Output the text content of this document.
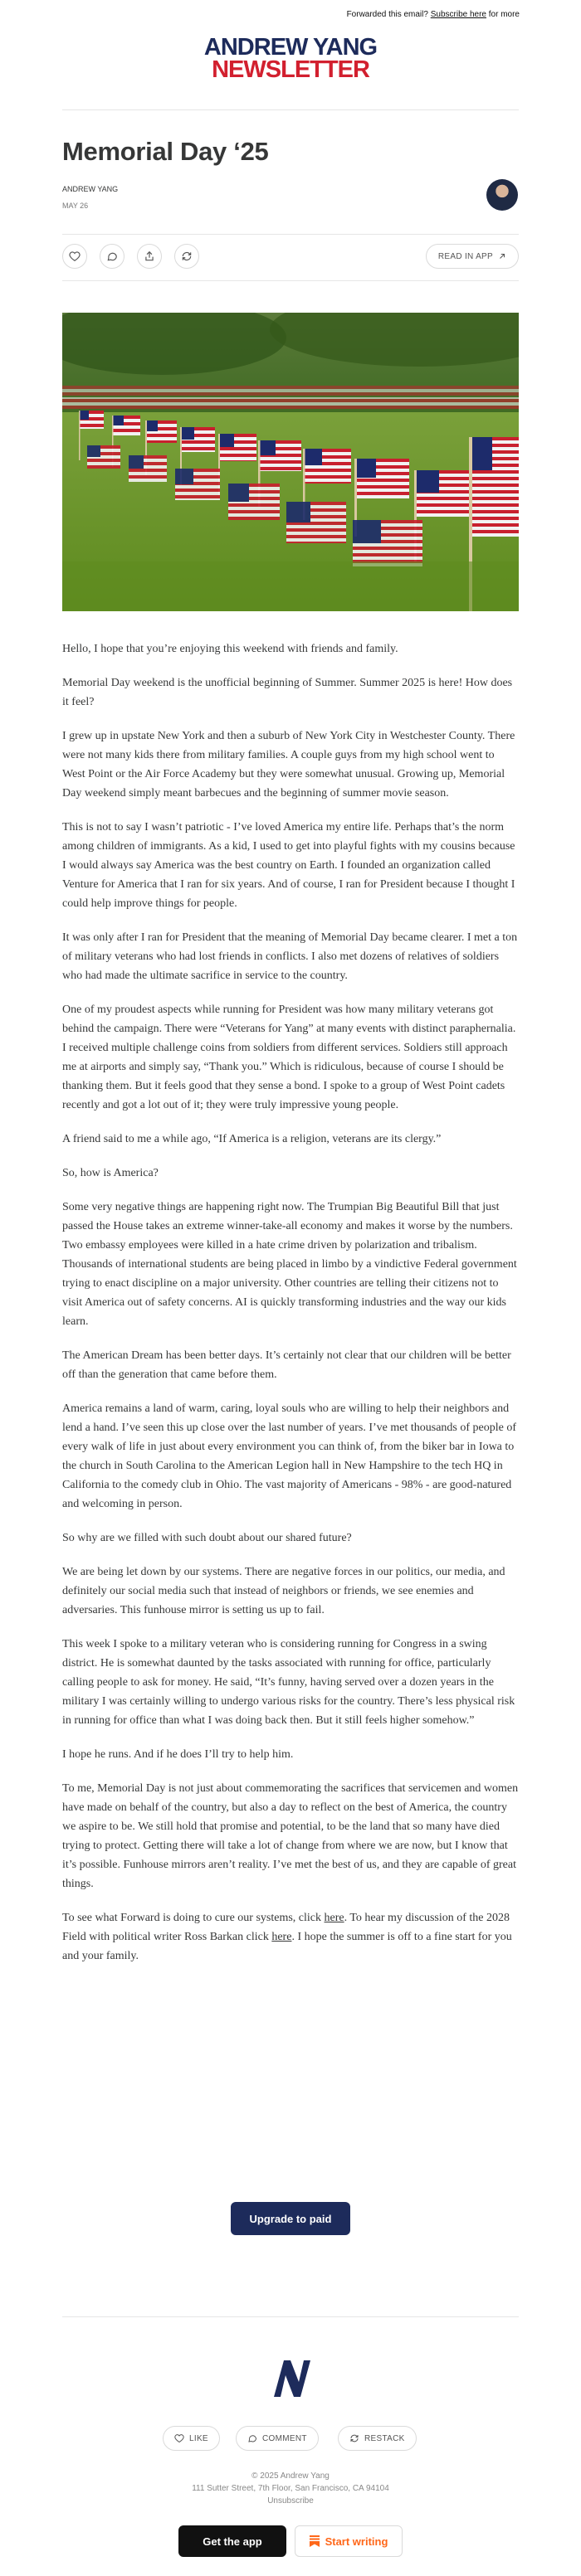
Forwarded this email? Subscribe here for more
ANDREW YANG
NEWSLETTER
Memorial Day ‘25
ANDREW YANG
MAY 26
READ IN APP

Hello, I hope that you’re enjoying this weekend with friends and family.

Memorial Day weekend is the unofficial beginning of Summer. Summer 2025 is here! How does it feel?

I grew up in upstate New York and then a suburb of New York City in Westchester County. There were not many kids there from military families. A couple guys from my high school went to West Point or the Air Force Academy but they were somewhat unusual. Growing up, Memorial Day weekend simply meant barbecues and the beginning of summer movie season.

This is not to say I wasn’t patriotic - I’ve loved America my entire life. Perhaps that’s the norm among children of immigrants. As a kid, I used to get into playful fights with my cousins because I would always say America was the best country on Earth. I founded an organization called Venture for America that I ran for six years. And of course, I ran for President because I thought I could help improve things for people.

It was only after I ran for President that the meaning of Memorial Day became clearer. I met a ton of military veterans who had lost friends in conflicts. I also met dozens of relatives of soldiers who had made the ultimate sacrifice in service to the country.

One of my proudest aspects while running for President was how many military veterans got behind the campaign. There were “Veterans for Yang” at many events with distinct paraphernalia. I received multiple challenge coins from soldiers from different services. Soldiers still approach me at airports and simply say, “Thank you.” Which is ridiculous, because of course I should be thanking them. But it feels good that they sense a bond. I spoke to a group of West Point cadets recently and got a lot out of it; they were truly impressive young people.

A friend said to me a while ago, “If America is a religion, veterans are its clergy.”

So, how is America?

Some very negative things are happening right now. The Trumpian Big Beautiful Bill that just passed the House takes an extreme winner-take-all economy and makes it worse by the numbers. Two embassy employees were killed in a hate crime driven by polarization and tribalism. Thousands of international students are being placed in limbo by a vindictive Federal government trying to enact discipline on a major university. Other countries are telling their citizens not to visit America out of safety concerns. AI is quickly transforming industries and the way our kids learn.

The American Dream has been better days. It’s certainly not clear that our children will be better off than the generation that came before them.

America remains a land of warm, caring, loyal souls who are willing to help their neighbors and lend a hand. I’ve seen this up close over the last number of years. I’ve met thousands of people of every walk of life in just about every environment you can think of, from the biker bar in Iowa to the church in South Carolina to the American Legion hall in New Hampshire to the tech HQ in California to the comedy club in Ohio. The vast majority of Americans - 98% - are good-natured and welcoming in person.

So why are we filled with such doubt about our shared future?

We are being let down by our systems. There are negative forces in our politics, our media, and definitely our social media such that instead of neighbors or friends, we see enemies and adversaries. This funhouse mirror is setting us up to fail.

This week I spoke to a military veteran who is considering running for Congress in a swing district. He is somewhat daunted by the tasks associated with running for office, particularly calling people to ask for money. He said, “It’s funny, having served over a dozen years in the military I was certainly willing to undergo various risks for the country. There’s less physical risk in running for office than what I was doing back then. But it still feels higher somehow.”

I hope he runs. And if he does I’ll try to help him.

To me, Memorial Day is not just about commemorating the sacrifices that servicemen and women have made on behalf of the country, but also a day to reflect on the best of America, the country we aspire to be. We still hold that promise and potential, to be the land that so many have died trying to protect. Getting there will take a lot of change from where we are now, but I know that it’s possible. Funhouse mirrors aren’t reality. I’ve met the best of us, and they are capable of great things.

To see what Forward is doing to cure our systems, click here. To hear my discussion of the 2028 Field with political writer Ross Barkan click here. I hope the summer is off to a fine start for you and your family.

Upgrade to paid
LIKE	COMMENT	RESTACK
© 2025 Andrew Yang
111 Sutter Street, 7th Floor, San Francisco, CA 94104
Unsubscribe
Get the app	Start writing
